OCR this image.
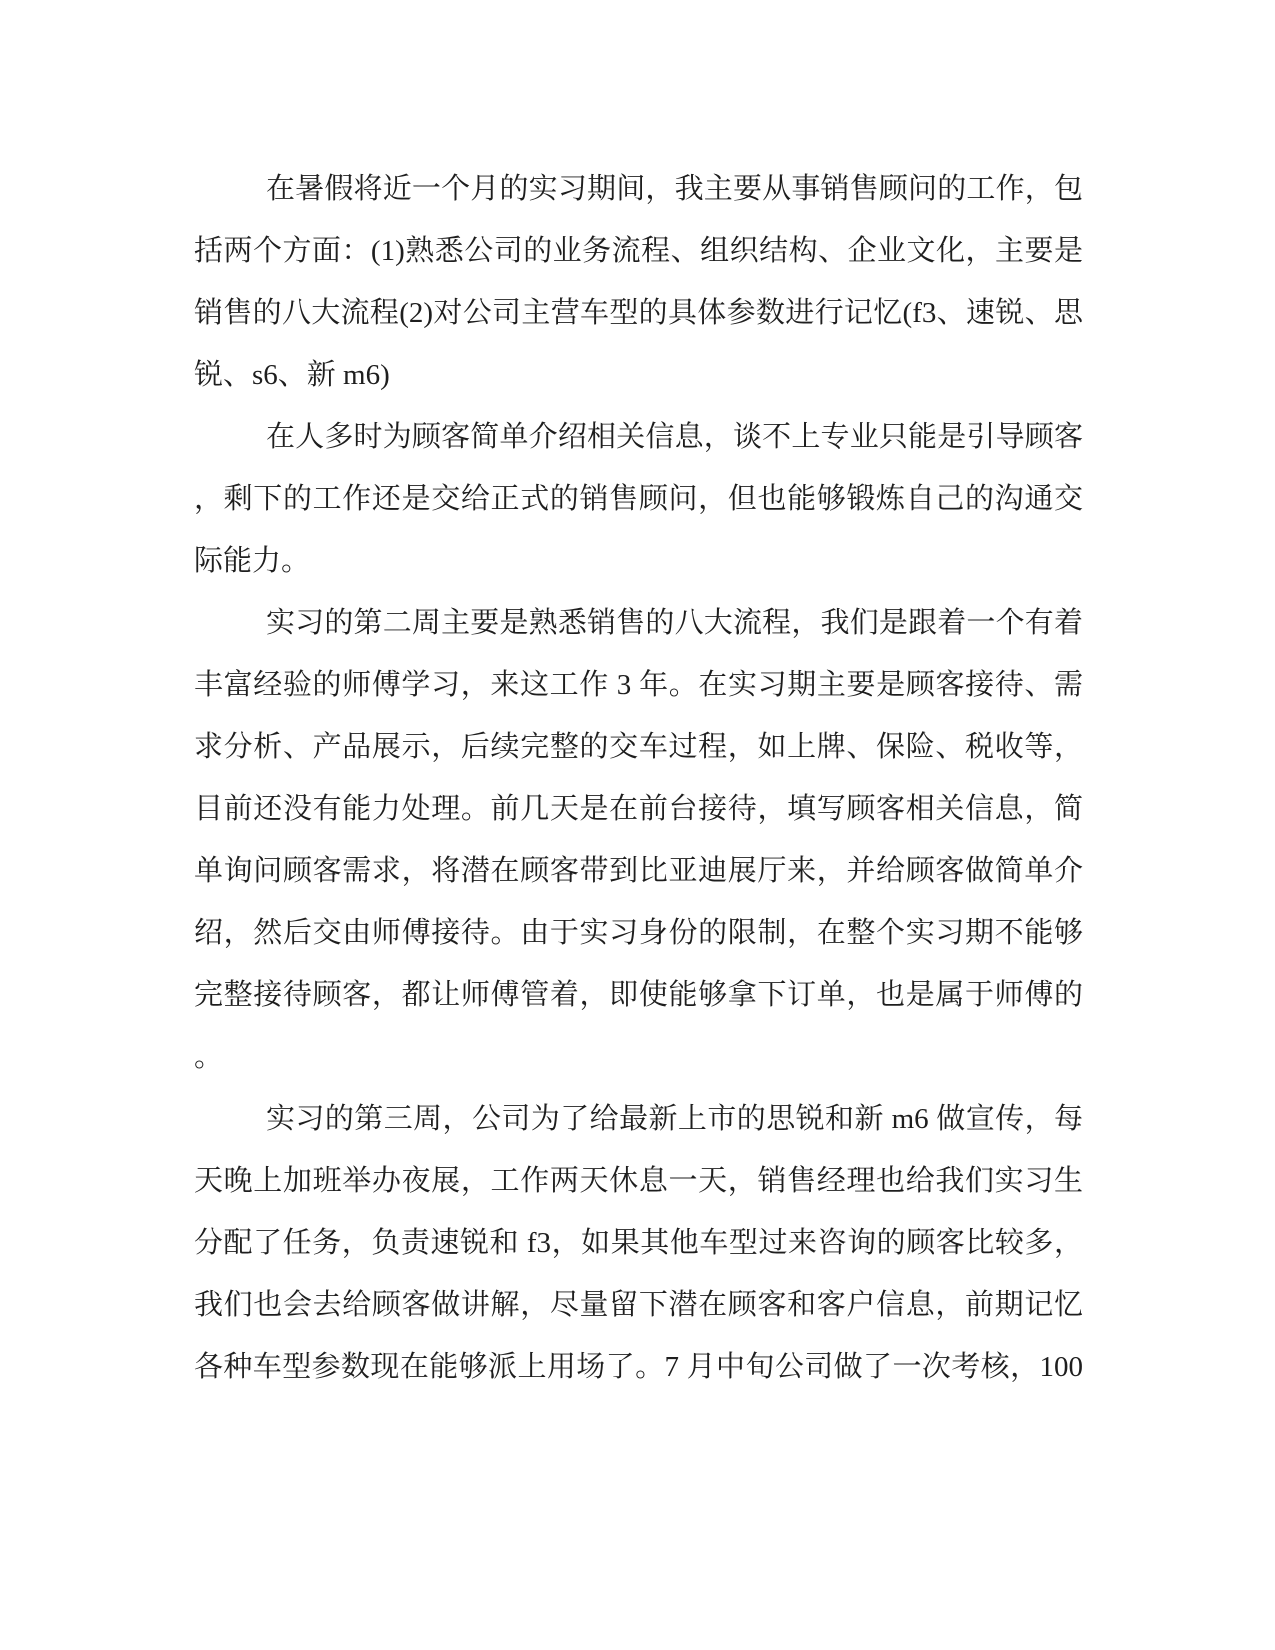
在暑假将近一个月的实习期间，我主要从事销售顾问的工作，包
括两个方面：(1)熟悉公司的业务流程、组织结构、企业文化，主要是
销售的八大流程(2)对公司主营车型的具体参数进行记忆(f3、速锐、思
锐、s6、新 m6)
在人多时为顾客简单介绍相关信息，谈不上专业只能是引导顾客
，剩下的工作还是交给正式的销售顾问，但也能够锻炼自己的沟通交
际能力。
实习的第二周主要是熟悉销售的八大流程，我们是跟着一个有着
丰富经验的师傅学习，来这工作 3 年。在实习期主要是顾客接待、需
求分析、产品展示，后续完整的交车过程，如上牌、保险、税收等，
目前还没有能力处理。前几天是在前台接待，填写顾客相关信息，简
单询问顾客需求，将潜在顾客带到比亚迪展厅来，并给顾客做简单介
绍，然后交由师傅接待。由于实习身份的限制，在整个实习期不能够
完整接待顾客，都让师傅管着，即使能够拿下订单，也是属于师傅的
。
实习的第三周，公司为了给最新上市的思锐和新 m6 做宣传，每
天晚上加班举办夜展，工作两天休息一天，销售经理也给我们实习生
分配了任务，负责速锐和 f3，如果其他车型过来咨询的顾客比较多，
我们也会去给顾客做讲解，尽量留下潜在顾客和客户信息，前期记忆
各种车型参数现在能够派上用场了。7 月中旬公司做了一次考核，100
